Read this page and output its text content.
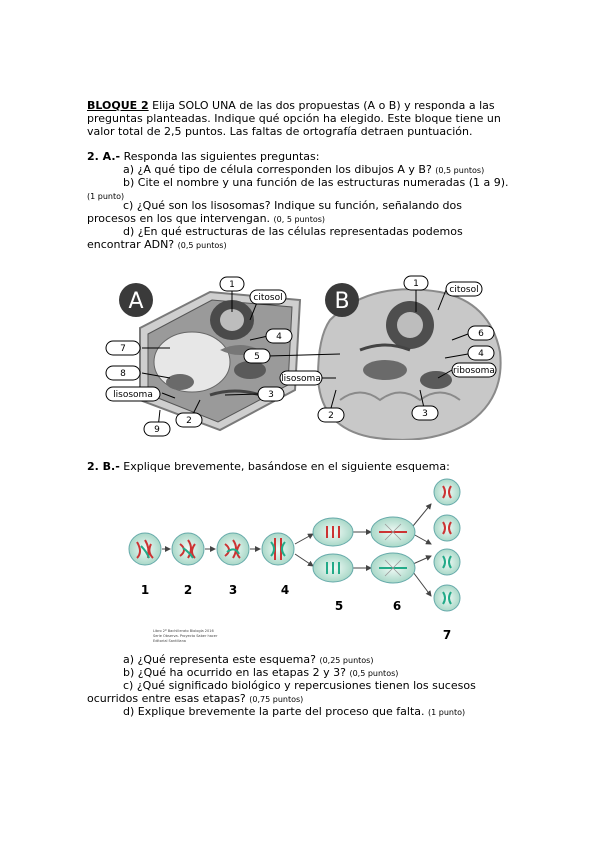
BLOQUE 2 Elija SOLO UNA de las dos propuestas (A o B) y responda a las
preguntas planteadas. Indique qué opción ha elegido. Este bloque tiene un
valor total de 2,5 puntos. Las faltas de ortografía detraen puntuación.
2. A.- Responda las siguientes preguntas:
a) ¿A qué tipo de célula corresponden los dibujos A y B? (0,5 puntos)
b) Cite el nombre y una función de las estructuras numeradas (1 a 9).
(1 punto)
c) ¿Qué son los lisosomas? Indique su función, señalando dos
procesos en los que intervengan. (0, 5 puntos)
d) ¿En qué estructuras de las células representadas podemos
encontrar ADN? (0,5 puntos)
A	B
1
citosol
4
5
7
8
lisosoma	3
2
9
1
citosol
6
4
ribosoma
lisosoma
2	3
2. B.- Explique brevemente, basándose en el siguiente esquema:
1	2	3	4
5	6
7
Libro 2º Bachillerato Biología 2016
Serie Observa. Proyecto Saber hacer
Editorial Santillana
a) ¿Qué representa este esquema? (0,25 puntos)
b) ¿Qué ha ocurrido en las etapas 2 y 3? (0,5 puntos)
c) ¿Qué significado biológico y repercusiones tienen los sucesos
ocurridos entre esas etapas? (0,75 puntos)
d) Explique brevemente la parte del proceso que falta. (1 punto)
